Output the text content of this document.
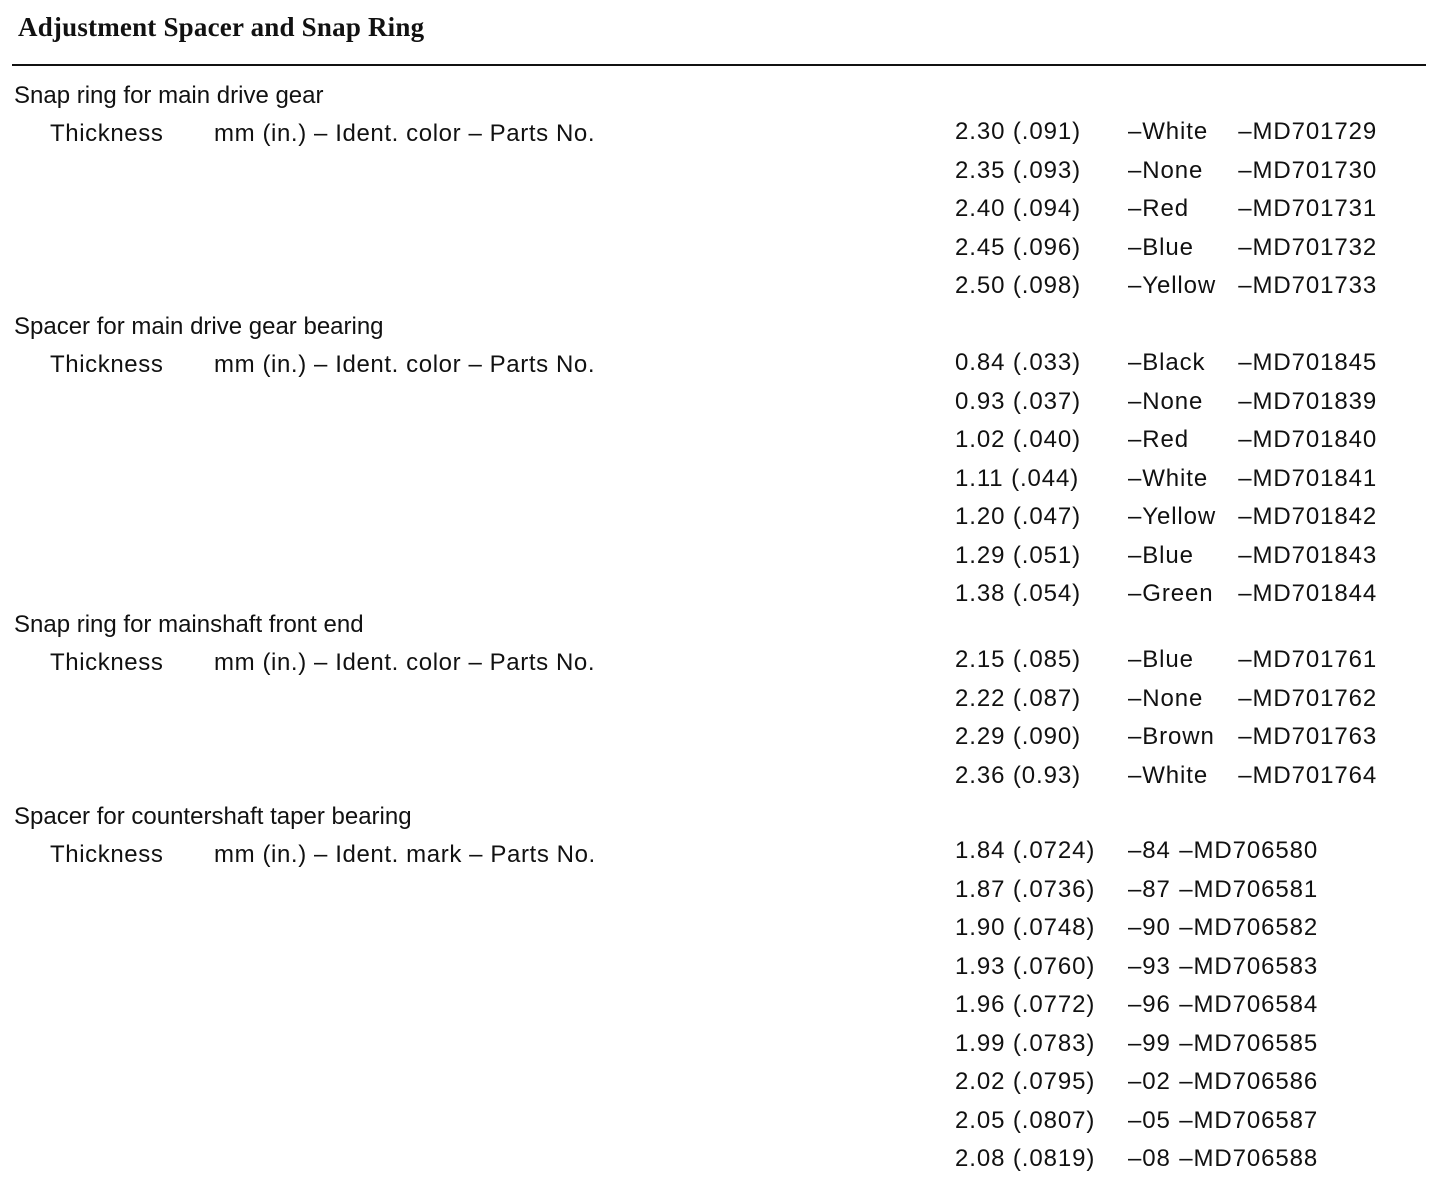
Adjustment Spacer and Snap Ring
Snap ring for main drive gear
Thickness mm (in.) – Ident. color – Parts No.	2.30 (.091) –White –MD701729
2.35 (.093) –None –MD701730
2.40 (.094) –Red –MD701731
2.45 (.096) –Blue –MD701732
2.50 (.098) –Yellow –MD701733
Spacer for main drive gear bearing
Thickness mm (in.) – Ident. color – Parts No.	0.84 (.033) –Black –MD701845
0.93 (.037) –None –MD701839
1.02 (.040) –Red –MD701840
1.11 (.044) –White –MD701841
1.20 (.047) –Yellow –MD701842
1.29 (.051) –Blue –MD701843
1.38 (.054) –Green –MD701844
Snap ring for mainshaft front end
Thickness mm (in.) – Ident. color – Parts No.	2.15 (.085) –Blue –MD701761
2.22 (.087) –None –MD701762
2.29 (.090) –Brown –MD701763
2.36 (0.93) –White –MD701764
Spacer for countershaft taper bearing
Thickness mm (in.) – Ident. mark – Parts No.	1.84 (.0724) –84 –MD706580
1.87 (.0736) –87 –MD706581
1.90 (.0748) –90 –MD706582
1.93 (.0760) –93 –MD706583
1.96 (.0772) –96 –MD706584
1.99 (.0783) –99 –MD706585
2.02 (.0795) –02 –MD706586
2.05 (.0807) –05 –MD706587
2.08 (.0819) –08 –MD706588
